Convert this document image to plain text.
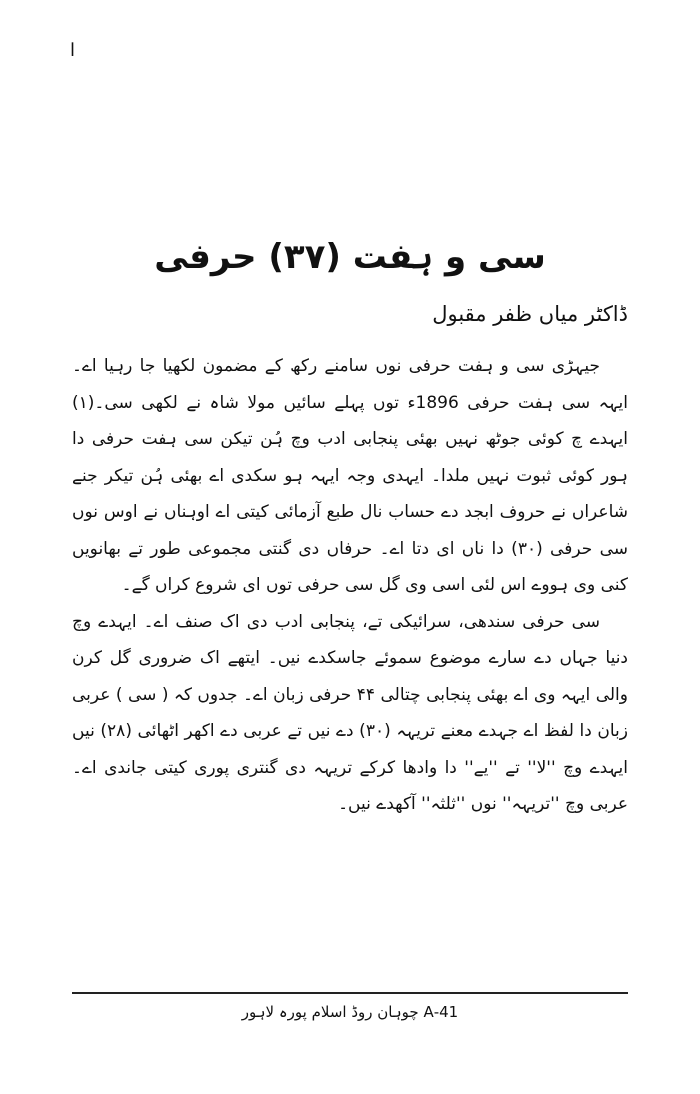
ا
سی و ہفت (۳۷) حرفی
ڈاکٹر میاں ظفر مقبول

جیہڑی سی و ہفت حرفی نوں سامنے رکھ کے مضمون لکھیا جا رہیا اے۔ ایہہ سی ہفت حرفی 1896ء توں پہلے سائیں مولا شاہ نے لکھی سی۔(۱) ایہدے چ کوئی جوٹھ نہیں بھئی پنجابی ادب وچ ہُن تیکن سی ہفت حرفی دا ہور کوئی ثبوت نہیں ملدا۔ ایہدی وجہ ایہہ ہو سکدی اے بھئی ہُن تیکر جنے شاعراں نے حروف ابجد دے حساب نال طبع آزمائی کیتی اے اوہناں نے اوس نوں سی حرفی (۳۰) دا ناں ای دتا اے۔ حرفاں دی گنتی مجموعی طور تے بھانویں کنی وی ہووے اس لئی اسی وی گل سی حرفی توں ای شروع کراں گے۔

سی حرفی سندھی، سرائیکی تے، پنجابی ادب دی اک صنف اے۔ ایہدے وچ دنیا جہاں دے سارے موضوع سموئے جاسکدے نیں۔ ایتھے اک ضروری گل کرن والی ایہہ وی اے بھئی پنجابی چتالی ۴۴ حرفی زبان اے۔ جدوں کہ ( سی ) عربی زبان دا لفظ اے جہدے معنے تریہہ (۳۰) دے نیں تے عربی دے اکھر اٹھائی (۲۸) نیں ایہدے وچ ''لا'' تے ''یے'' دا وادھا کرکے تریہہ دی گنتری پوری کیتی جاندی اے۔ عربی وچ ''تریہہ'' نوں ''ثلثہ'' آکھدے نیں۔

41-A چوہان روڈ اسلام پورہ لاہور
